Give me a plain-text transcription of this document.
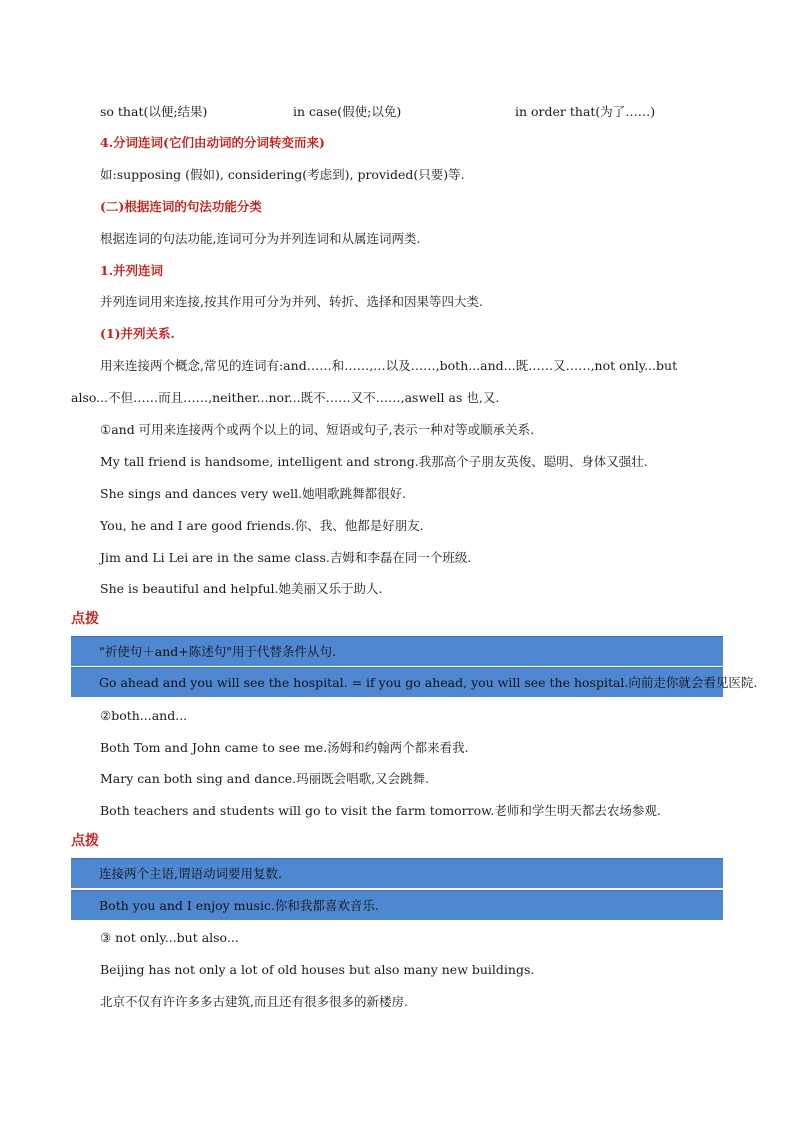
so that(以便;结果)	in case(假使;以免)	in order that(为了……)
4.分词连词(它们由动词的分词转变而来)
如:supposing (假如), considering(考虑到), provided(只要)等.
(二)根据连词的句法功能分类
根据连词的句法功能,连词可分为并列连词和从属连词两类.
1.并列连词
并列连词用来连接,按其作用可分为并列、转折、选择和因果等四大类.
(1)并列关系.
用来连接两个概念,常见的连词有:and……和……,…以及……,both...and...既……又……,not only...but
also...不但……而且……,neither...nor...既不……又不……,aswell as 也,又.
①and 可用来连接两个或两个以上的词、短语或句子,表示一种对等或顺承关系.
My tall friend is handsome, intelligent and strong.我那高个子朋友英俊、聪明、身体又强壮.
She sings and dances very well.她唱歌跳舞都很好.
You, he and I are good friends.你、我、他都是好朋友.
Jim and Li Lei are in the same class.吉姆和李磊在同一个班级.
She is beautiful and helpful.她美丽又乐于助人.
点拨
"祈使句＋and+陈述句"用于代替条件从句.
Go ahead and you will see the hospital. = if you go ahead, you will see the hospital.向前走你就会看见医院.
②both...and...
Both Tom and John came to see me.汤姆和约翰两个都来看我.
Mary can both sing and dance.玛丽既会唱歌,又会跳舞.
Both teachers and students will go to visit the farm tomorrow.老师和学生明天都去农场参观.
点拨
连接两个主语,谓语动词要用复数.
Both you and I enjoy music.你和我都喜欢音乐.
③ not only...but also...
Beijing has not only a lot of old houses but also many new buildings.
北京不仅有许许多多古建筑,而且还有很多很多的新楼房.
